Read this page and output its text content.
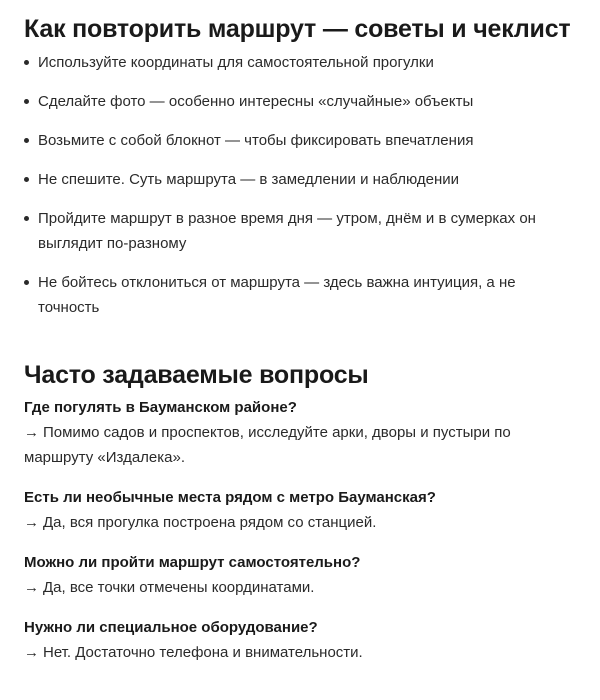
Как повторить маршрут — советы и чеклист
Используйте координаты для самостоятельной прогулки
Сделайте фото — особенно интересны «случайные» объекты
Возьмите с собой блокнот — чтобы фиксировать впечатления
Не спешите. Суть маршрута — в замедлении и наблюдении
Пройдите маршрут в разное время дня — утром, днём и в сумерках он выглядит по-разному
Не бойтесь отклониться от маршрута — здесь важна интуиция, а не точность
Часто задаваемые вопросы
Где погулять в Бауманском районе?
→ Помимо садов и проспектов, исследуйте арки, дворы и пустыри по маршруту «Издалека».
Есть ли необычные места рядом с метро Бауманская?
→ Да, вся прогулка построена рядом со станцией.
Можно ли пройти маршрут самостоятельно?
→ Да, все точки отмечены координатами.
Нужно ли специальное оборудование?
→ Нет. Достаточно телефона и внимательности.
